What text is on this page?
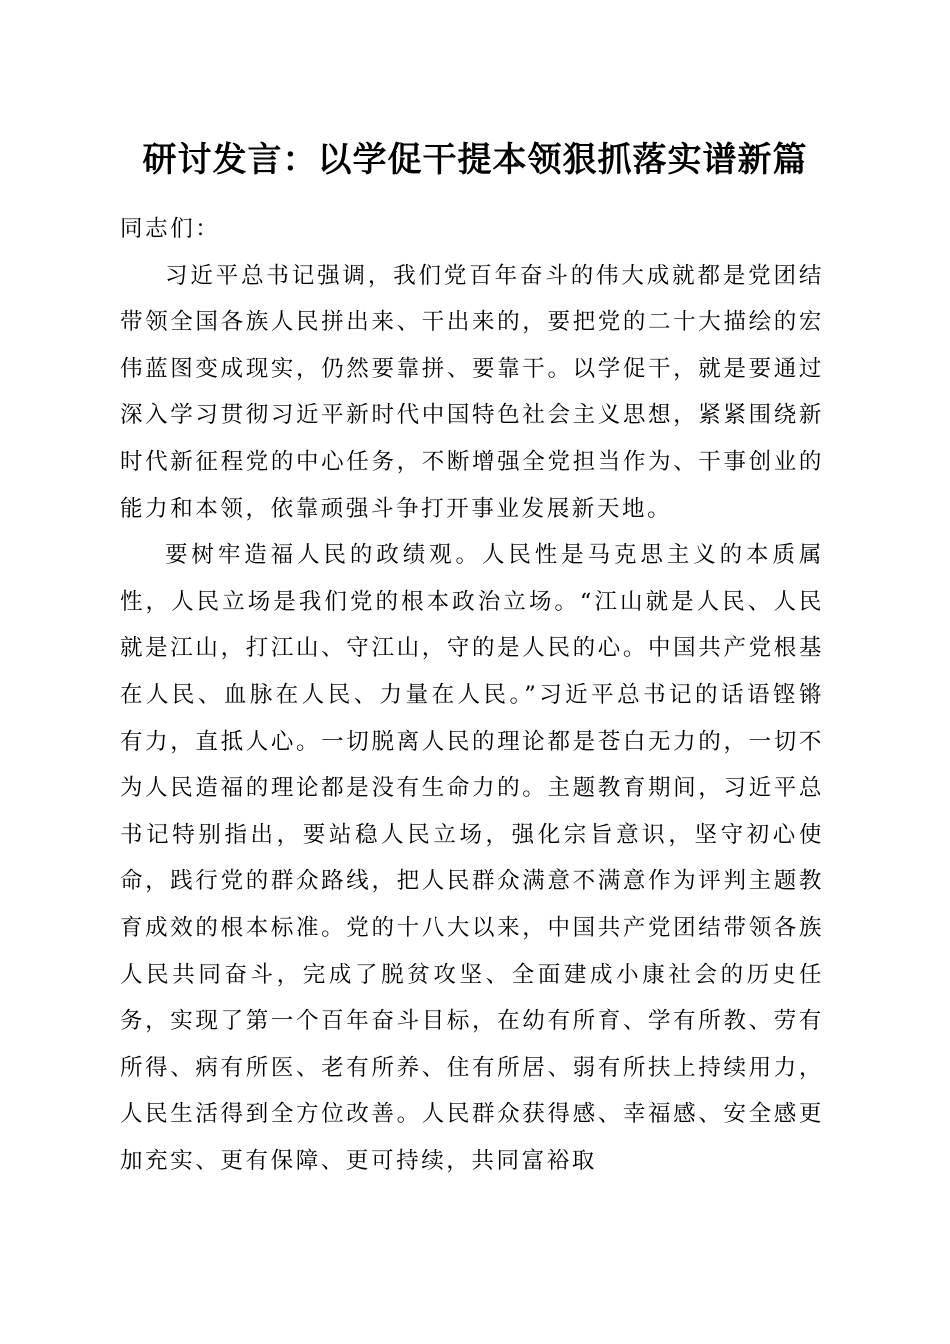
研讨发言：以学促干提本领狠抓落实谱新篇

同志们：

习近平总书记强调，我们党百年奋斗的伟大成就都是党团结带领全国各族人民拼出来、干出来的，要把党的二十大描绘的宏伟蓝图变成现实，仍然要靠拼、要靠干。以学促干，就是要通过深入学习贯彻习近平新时代中国特色社会主义思想，紧紧围绕新时代新征程党的中心任务，不断增强全党担当作为、干事创业的能力和本领，依靠顽强斗争打开事业发展新天地。

要树牢造福人民的政绩观。人民性是马克思主义的本质属性，人民立场是我们党的根本政治立场。“江山就是人民、人民就是江山，打江山、守江山，守的是人民的心。中国共产党根基在人民、血脉在人民、力量在人民。”习近平总书记的话语铿锵有力，直抵人心。一切脱离人民的理论都是苍白无力的，一切不为人民造福的理论都是没有生命力的。主题教育期间，习近平总书记特别指出，要站稳人民立场，强化宗旨意识，坚守初心使命，践行党的群众路线，把人民群众满意不满意作为评判主题教育成效的根本标准。党的十八大以来，中国共产党团结带领各族人民共同奋斗，完成了脱贫攻坚、全面建成小康社会的历史任务，实现了第一个百年奋斗目标，在幼有所育、学有所教、劳有所得、病有所医、老有所养、住有所居、弱有所扶上持续用力，人民生活得到全方位改善。人民群众获得感、幸福感、安全感更加充实、更有保障、更可持续，共同富裕取
